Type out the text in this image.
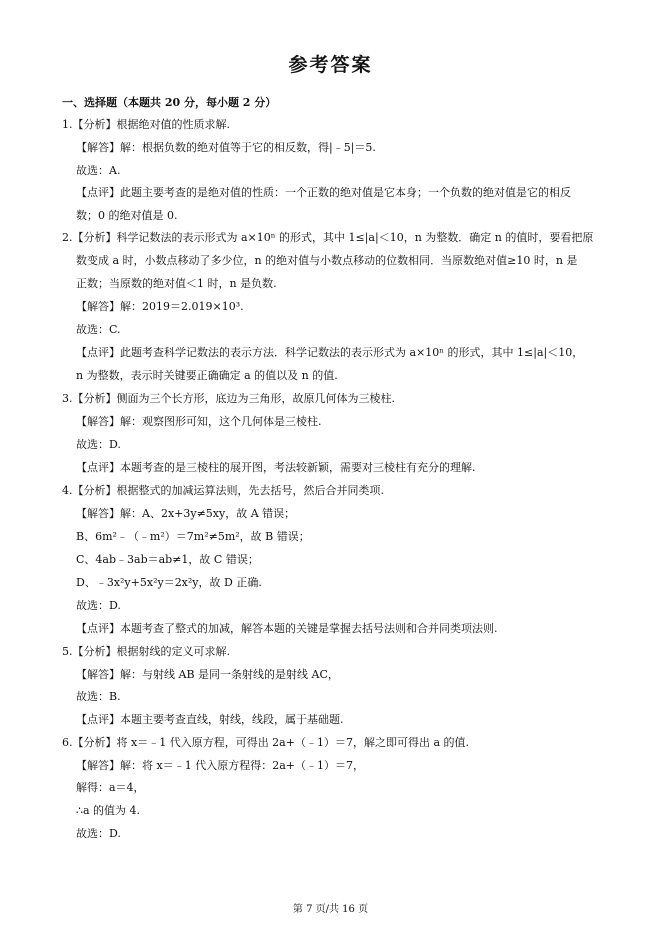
参考答案
一、选择题（本题共 20 分，每小题 2 分）
1.【分析】根据绝对值的性质求解.
【解答】解：根据负数的绝对值等于它的相反数，得|﹣5|＝5.
故选：A.
【点评】此题主要考查的是绝对值的性质：一个正数的绝对值是它本身；一个负数的绝对值是它的相反
数；0 的绝对值是 0.
2.【分析】科学记数法的表示形式为 a×10ⁿ 的形式，其中 1≤|a|＜10，n 为整数．确定 n 的值时，要看把原
数变成 a 时，小数点移动了多少位，n 的绝对值与小数点移动的位数相同．当原数绝对值≥10 时，n 是
正数；当原数的绝对值＜1 时，n 是负数.
【解答】解：2019＝2.019×10³.
故选：C.
【点评】此题考查科学记数法的表示方法．科学记数法的表示形式为 a×10ⁿ 的形式，其中 1≤|a|＜10，
n 为整数，表示时关键要正确确定 a 的值以及 n 的值.
3.【分析】侧面为三个长方形，底边为三角形，故原几何体为三棱柱.
【解答】解：观察图形可知，这个几何体是三棱柱.
故选：D.
【点评】本题考查的是三棱柱的展开图，考法较新颖，需要对三棱柱有充分的理解.
4.【分析】根据整式的加减运算法则，先去括号，然后合并同类项.
【解答】解：A、2x+3y≠5xy，故 A 错误；
B、6m²﹣（﹣m²）＝7m²≠5m²，故 B 错误；
C、4ab﹣3ab＝ab≠1，故 C 错误；
D、﹣3x²y+5x²y＝2x²y，故 D 正确.
故选：D.
【点评】本题考查了整式的加减，解答本题的关键是掌握去括号法则和合并同类项法则.
5.【分析】根据射线的定义可求解.
【解答】解：与射线 AB 是同一条射线的是射线 AC，
故选：B.
【点评】本题主要考查直线，射线，线段，属于基础题.
6.【分析】将 x＝﹣1 代入原方程，可得出 2a+（﹣1）＝7，解之即可得出 a 的值.
【解答】解：将 x＝﹣1 代入原方程得：2a+（﹣1）＝7，
解得：a＝4，
∴a 的值为 4.
故选：D.
第 7 页/共 16 页
